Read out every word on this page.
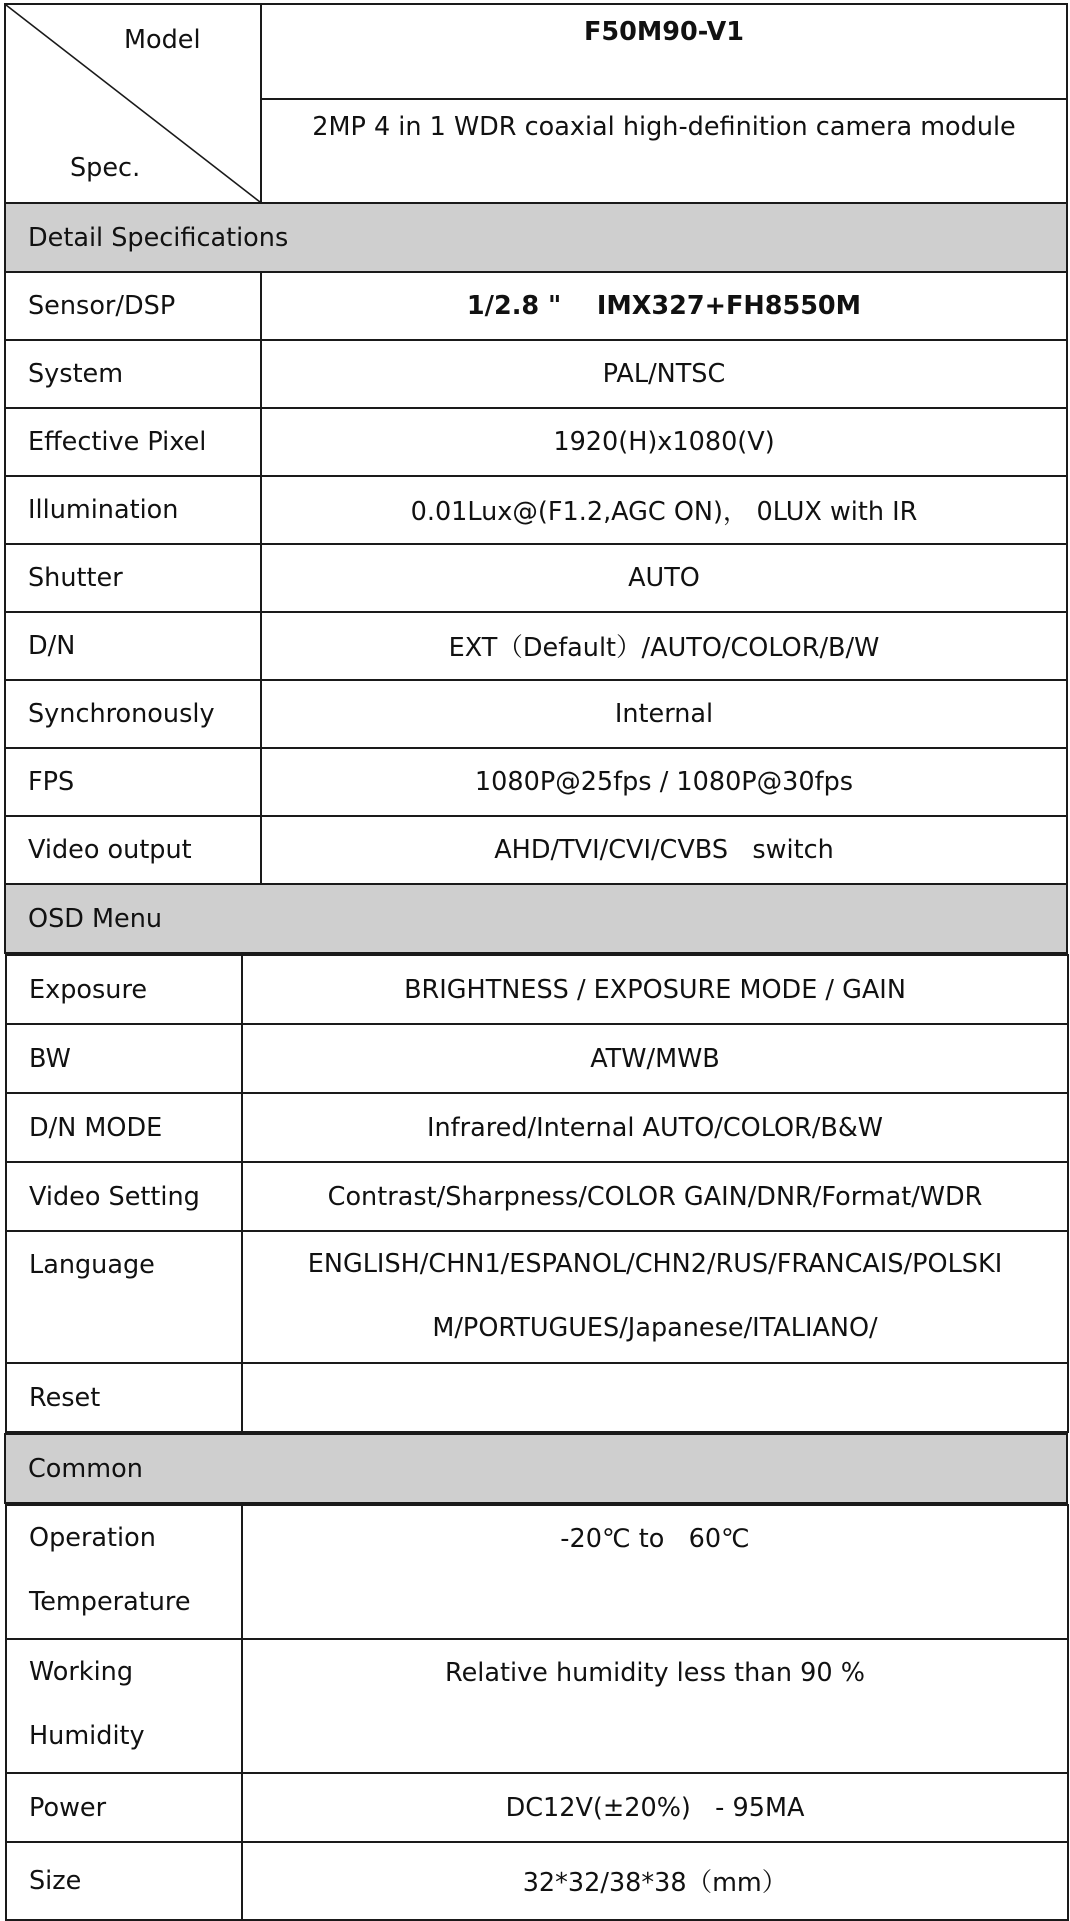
Model
Spec.
	F50M90-V1
2MP 4 in 1 WDR coaxial high-definition camera module
Detail Specifications
Sensor/DSP	1/2.8 "    IMX327+FH8550M
System	PAL/NTSC
Effective Pixel	1920(H)x1080(V)
Illumination	0.01Lux@(F1.2,AGC ON)， 0LUX with IR
Shutter	AUTO
D/N	EXT（Default）/AUTO/COLOR/B/W
Synchronously	Internal
FPS	1080P@25fps / 1080P@30fps
Video output	AHD/TVI/CVI/CVBS   switch
OSD Menu

Exposure	BRIGHTNESS / EXPOSURE MODE / GAIN
BW	ATW/MWB
D/N MODE	Infrared/Internal AUTO/COLOR/B&W
Video Setting	Contrast/Sharpness/COLOR GAIN/DNR/Format/WDR
Language	ENGLISH/CHN1/ESPANOL/CHN2/RUS/FRANCAIS/POLSKI
M/PORTUGUES/Japanese/ITALIANO/

Reset	

Common

Operation
Temperature
	-20℃ to   60℃

Working
Humidity
	Relative humidity less than 90 %
Power	DC12V(±20%)   - 95MA
Size	32*32/38*38（mm）
